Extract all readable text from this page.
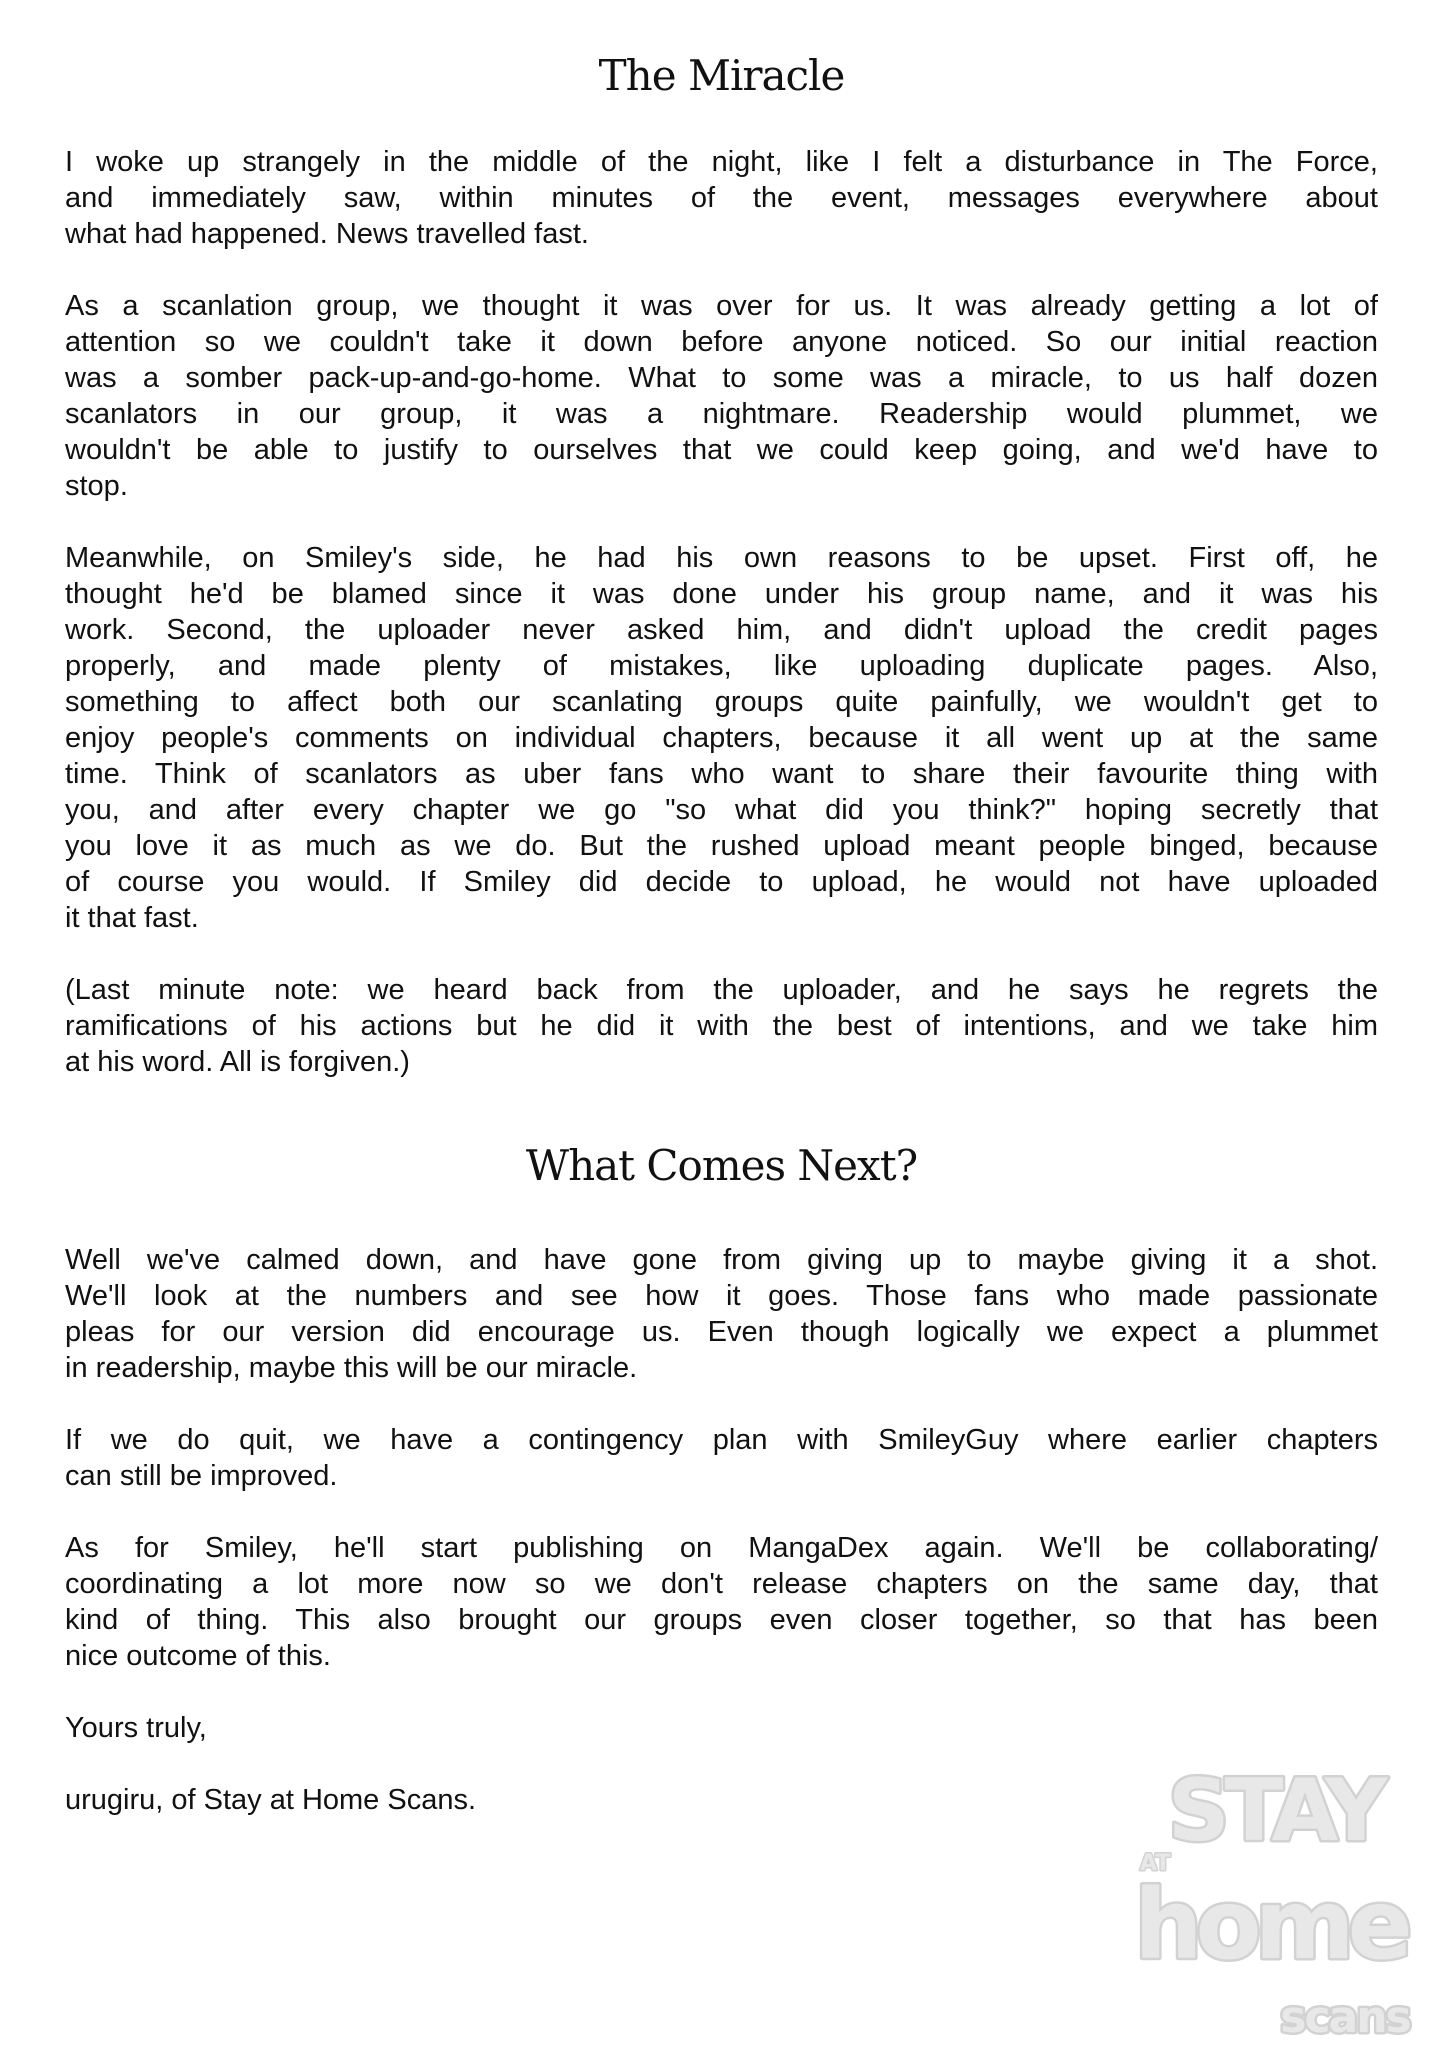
The Miracle
I woke up strangely in the middle of the night, like I felt a disturbance in The Force,
and immediately saw, within minutes of the event, messages everywhere about
what had happened. News travelled fast.
As a scanlation group, we thought it was over for us. It was already getting a lot of
attention so we couldn't take it down before anyone noticed. So our initial reaction
was a somber pack-up-and-go-home. What to some was a miracle, to us half dozen
scanlators in our group, it was a nightmare. Readership would plummet, we
wouldn't be able to justify to ourselves that we could keep going, and we'd have to
stop.
Meanwhile, on Smiley's side, he had his own reasons to be upset. First off, he
thought he'd be blamed since it was done under his group name, and it was his
work. Second, the uploader never asked him, and didn't upload the credit pages
properly, and made plenty of mistakes, like uploading duplicate pages. Also,
something to affect both our scanlating groups quite painfully, we wouldn't get to
enjoy people's comments on individual chapters, because it all went up at the same
time. Think of scanlators as uber fans who want to share their favourite thing with
you, and after every chapter we go "so what did you think?" hoping secretly that
you love it as much as we do. But the rushed upload meant people binged, because
of course you would. If Smiley did decide to upload, he would not have uploaded
it that fast.
(Last minute note: we heard back from the uploader, and he says he regrets the
ramifications of his actions but he did it with the best of intentions, and we take him
at his word. All is forgiven.)
What Comes Next?
Well we've calmed down, and have gone from giving up to maybe giving it a shot.
We'll look at the numbers and see how it goes. Those fans who made passionate
pleas for our version did encourage us. Even though logically we expect a plummet
in readership, maybe this will be our miracle.
If we do quit, we have a contingency plan with SmileyGuy where earlier chapters
can still be improved.
As for Smiley, he'll start publishing on MangaDex again. We'll be collaborating/
coordinating a lot more now so we don't release chapters on the same day, that
kind of thing. This also brought our groups even closer together, so that has been
nice outcome of this.
Yours truly,
urugiru, of Stay at Home Scans.	STAY
AT
home
scans
